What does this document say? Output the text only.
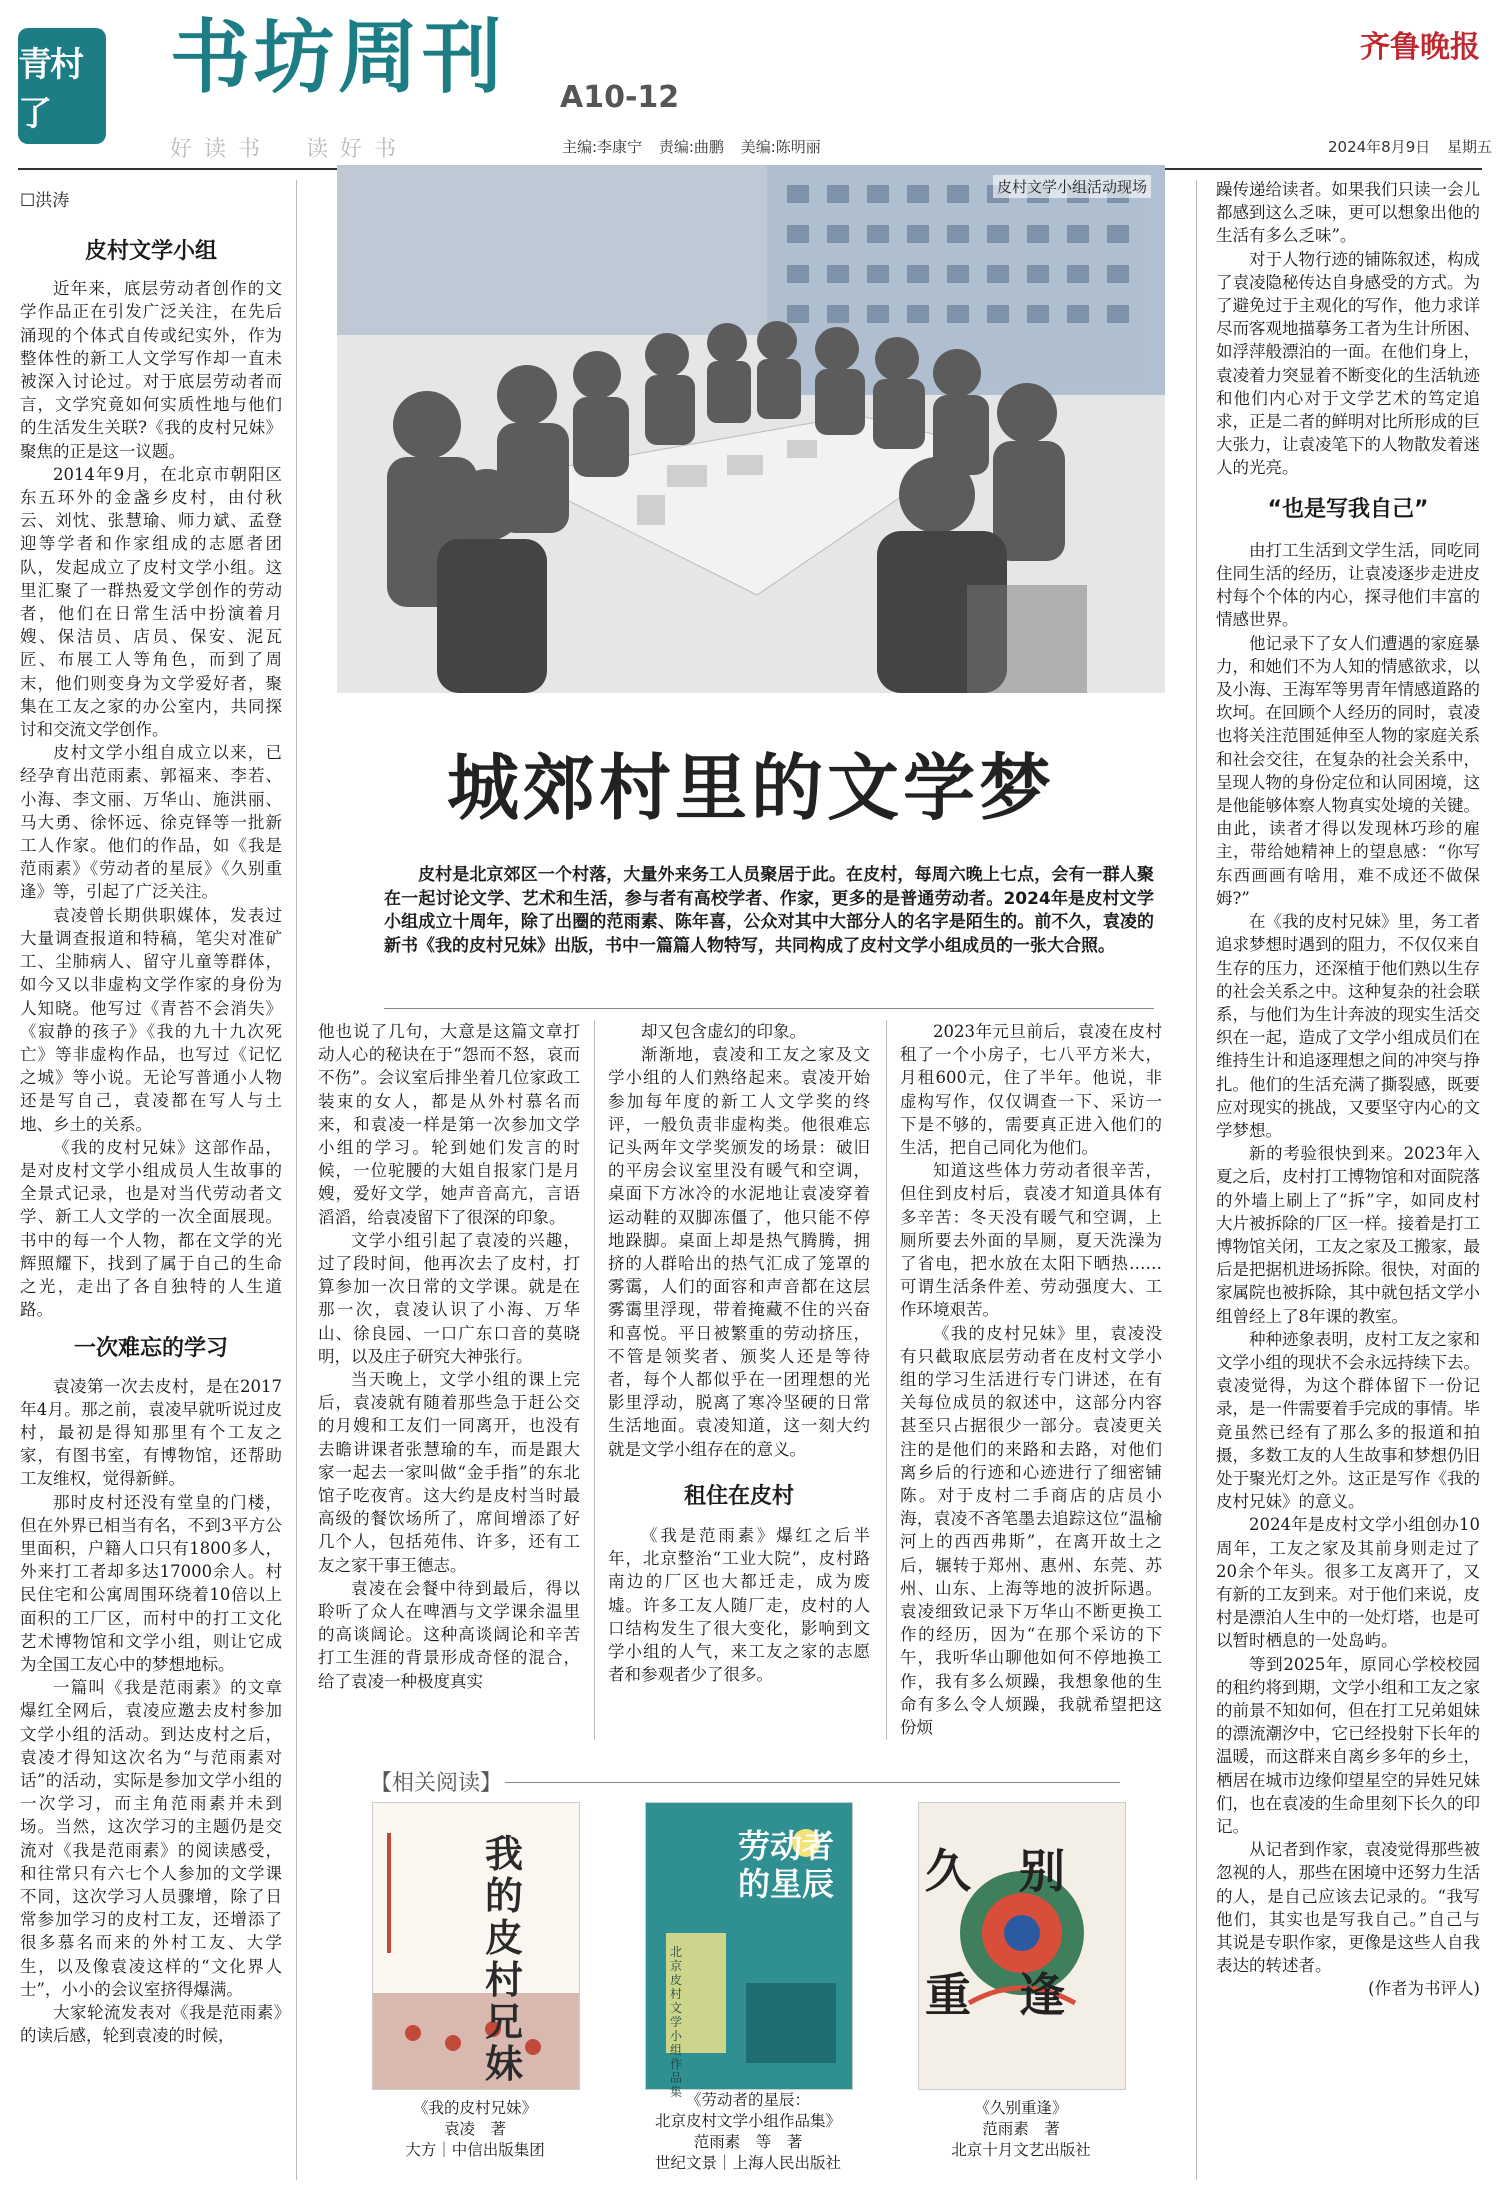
青村了
书坊周刊 A10-12
好读书　读好书	主编:李康宁 责编:曲鹏 美编:陈明丽	2024年8月9日 星期五
齐鲁晚报
☐洪涛
皮村文学小组

近年来，底层劳动者创作的文学作品正在引发广泛关注，在先后涌现的个体式自传或纪实外，作为整体性的新工人文学写作却一直未被深入讨论过。对于底层劳动者而言，文学究竟如何实质性地与他们的生活发生关联?《我的皮村兄妹》聚焦的正是这一议题。

2014年9月，在北京市朝阳区东五环外的金盏乡皮村，由付秋云、刘忱、张慧瑜、师力斌、孟登迎等学者和作家组成的志愿者团队，发起成立了皮村文学小组。这里汇聚了一群热爱文学创作的劳动者，他们在日常生活中扮演着月嫂、保洁员、店员、保安、泥瓦匠、布展工人等角色，而到了周末，他们则变身为文学爱好者，聚集在工友之家的办公室内，共同探讨和交流文学创作。

皮村文学小组自成立以来，已经孕育出范雨素、郭福来、李若、小海、李文丽、万华山、施洪丽、马大勇、徐怀远、徐克铎等一批新工人作家。他们的作品，如《我是范雨素》《劳动者的星辰》《久别重逢》等，引起了广泛关注。

袁凌曾长期供职媒体，发表过大量调查报道和特稿，笔尖对准矿工、尘肺病人、留守儿童等群体，如今又以非虚构文学作家的身份为人知晓。他写过《青苔不会消失》《寂静的孩子》《我的九十九次死亡》等非虚构作品，也写过《记忆之城》等小说。无论写普通小人物还是写自己，袁凌都在写人与土地、乡土的关系。

《我的皮村兄妹》这部作品，是对皮村文学小组成员人生故事的全景式记录，也是对当代劳动者文学、新工人文学的一次全面展现。书中的每一个人物，都在文学的光辉照耀下，找到了属于自己的生命之光，走出了各自独特的人生道路。

一次难忘的学习

袁凌第一次去皮村，是在2017年4月。那之前，袁凌早就听说过皮村，最初是得知那里有个工友之家，有图书室，有博物馆，还帮助工友维权，觉得新鲜。

那时皮村还没有堂皇的门楼，但在外界已相当有名，不到3平方公里面积，户籍人口只有1800多人，外来打工者却多达17000余人。村民住宅和公寓周围环绕着10倍以上面积的工厂区，而村中的打工文化艺术博物馆和文学小组，则让它成为全国工友心中的梦想地标。

一篇叫《我是范雨素》的文章爆红全网后，袁凌应邀去皮村参加文学小组的活动。到达皮村之后，袁凌才得知这次名为“与范雨素对话”的活动，实际是参加文学小组的一次学习，而主角范雨素并未到场。当然，这次学习的主题仍是交流对《我是范雨素》的阅读感受，和往常只有六七个人参加的文学课不同，这次学习人员骤增，除了日常参加学习的皮村工友，还增添了很多慕名而来的外村工友、大学生，以及像袁凌这样的“文化界人士”，小小的会议室挤得爆满。

大家轮流发表对《我是范雨素》的读后感，轮到袁凌的时候，

皮村文学小组活动现场
城郊村里的文学梦

皮村是北京郊区一个村落，大量外来务工人员聚居于此。在皮村，每周六晚上七点，会有一群人聚在一起讨论文学、艺术和生活，参与者有高校学者、作家，更多的是普通劳动者。2024年是皮村文学小组成立十周年，除了出圈的范雨素、陈年喜，公众对其中大部分人的名字是陌生的。前不久，袁凌的新书《我的皮村兄妹》出版，书中一篇篇人物特写，共同构成了皮村文学小组成员的一张大合照。

他也说了几句，大意是这篇文章打动人心的秘诀在于“怨而不怒，哀而不伤”。会议室后排坐着几位家政工装束的女人，都是从外村慕名而来，和袁凌一样是第一次参加文学小组的学习。轮到她们发言的时候，一位驼腰的大姐自报家门是月嫂，爱好文学，她声音高亢，言语滔滔，给袁凌留下了很深的印象。

文学小组引起了袁凌的兴趣，过了段时间，他再次去了皮村，打算参加一次日常的文学课。就是在那一次，袁凌认识了小海、万华山、徐良园、一口广东口音的莫晓明，以及庄子研究大神张行。

当天晚上，文学小组的课上完后，袁凌就有随着那些急于赶公交的月嫂和工友们一同离开，也没有去瞻讲课者张慧瑜的车，而是跟大家一起去一家叫做“金手指”的东北馆子吃夜宵。这大约是皮村当时最高级的餐饮场所了，席间增添了好几个人，包括苑伟、许多，还有工友之家干事王德志。

袁凌在会餐中待到最后，得以聆听了众人在啤酒与文学课余温里的高谈阔论。这种高谈阔论和辛苦打工生涯的背景形成奇怪的混合，给了袁凌一种极度真实

却又包含虚幻的印象。

渐渐地，袁凌和工友之家及文学小组的人们熟络起来。袁凌开始参加每年度的新工人文学奖的终评，一般负责非虚构类。他很难忘记头两年文学奖颁发的场景：破旧的平房会议室里没有暖气和空调，桌面下方冰冷的水泥地让袁凌穿着运动鞋的双脚冻僵了，他只能不停地跺脚。桌面上却是热气腾腾，拥挤的人群哈出的热气汇成了笼罩的雾霭，人们的面容和声音都在这层雾霭里浮现，带着掩藏不住的兴奋和喜悦。平日被繁重的劳动挤压，不管是领奖者、颁奖人还是等待者，每个人都似乎在一团理想的光影里浮动，脱离了寒冷坚硬的日常生活地面。袁凌知道，这一刻大约就是文学小组存在的意义。

租住在皮村

《我是范雨素》爆红之后半年，北京整治“工业大院”，皮村路南边的厂区也大都迁走，成为废墟。许多工友人随厂走，皮村的人口结构发生了很大变化，影响到文学小组的人气，来工友之家的志愿者和参观者少了很多。

2023年元旦前后，袁凌在皮村租了一个小房子，七八平方米大，月租600元，住了半年。他说，非虚构写作，仅仅调查一下、采访一下是不够的，需要真正进入他们的生活，把自己同化为他们。

知道这些体力劳动者很辛苦，但住到皮村后，袁凌才知道具体有多辛苦：冬天没有暖气和空调，上厕所要去外面的旱厕，夏天洗澡为了省电，把水放在太阳下晒热……可谓生活条件差、劳动强度大、工作环境艰苦。

《我的皮村兄妹》里，袁凌没有只截取底层劳动者在皮村文学小组的学习生活进行专门讲述，在有关每位成员的叙述中，这部分内容甚至只占据很少一部分。袁凌更关注的是他们的来路和去路，对他们离乡后的行迹和心迹进行了细密铺陈。对于皮村二手商店的店员小海，袁凌不吝笔墨去追踪这位“温榆河上的西西弗斯”，在离开故土之后，辗转于郑州、惠州、东莞、苏州、山东、上海等地的波折际遇。袁凌细致记录下万华山不断更换工作的经历，因为“在那个采访的下午，我听华山聊他如何不停地换工作，我有多么烦躁，我想象他的生命有多么令人烦躁，我就希望把这份烦

躁传递给读者。如果我们只读一会儿都感到这么乏味，更可以想象出他的生活有多么乏味”。

对于人物行迹的铺陈叙述，构成了袁凌隐秘传达自身感受的方式。为了避免过于主观化的写作，他力求详尽而客观地描摹务工者为生计所困、如浮萍般漂泊的一面。在他们身上，袁凌着力突显着不断变化的生活轨迹和他们内心对于文学艺术的笃定追求，正是二者的鲜明对比所形成的巨大张力，让袁凌笔下的人物散发着迷人的光亮。

“也是写我自己”

由打工生活到文学生活，同吃同住同生活的经历，让袁凌逐步走进皮村每个个体的内心，探寻他们丰富的情感世界。

他记录下了女人们遭遇的家庭暴力，和她们不为人知的情感欲求，以及小海、王海军等男青年情感道路的坎坷。在回顾个人经历的同时，袁凌也将关注范围延伸至人物的家庭关系和社会交往，在复杂的社会关系中，呈现人物的身份定位和认同困境，这是他能够体察人物真实处境的关键。由此，读者才得以发现林巧珍的雇主，带给她精神上的望息感：“你写东西画画有啥用，难不成还不做保姆?”

在《我的皮村兄妹》里，务工者追求梦想时遇到的阻力，不仅仅来自生存的压力，还深植于他们熟以生存的社会关系之中。这种复杂的社会联系，与他们为生计奔波的现实生活交织在一起，造成了文学小组成员们在维持生计和追逐理想之间的冲突与挣扎。他们的生活充满了撕裂感，既要应对现实的挑战，又要坚守内心的文学梦想。

新的考验很快到来。2023年入夏之后，皮村打工博物馆和对面院落的外墙上刷上了“拆”字，如同皮村大片被拆除的厂区一样。接着是打工博物馆关闭，工友之家及工搬家，最后是把据机进场拆除。很快，对面的家属院也被拆除，其中就包括文学小组曾经上了8年课的教室。

种种迹象表明，皮村工友之家和文学小组的现状不会永远持续下去。袁凌觉得，为这个群体留下一份记录，是一件需要着手完成的事情。毕竟虽然已经有了那么多的报道和拍摄，多数工友的人生故事和梦想仍旧处于聚光灯之外。这正是写作《我的皮村兄妹》的意义。

2024年是皮村文学小组创办10周年，工友之家及其前身则走过了20余个年头。很多工友离开了，又有新的工友到来。对于他们来说，皮村是漂泊人生中的一处灯塔，也是可以暂时栖息的一处岛屿。

等到2025年，原同心学校校园的租约将到期，文学小组和工友之家的前景不知如何，但在打工兄弟姐妹的漂流潮汐中，它已经投射下长年的温暖，而这群来自离乡多年的乡土，栖居在城市边缘仰望星空的异姓兄妹们，也在袁凌的生命里刻下长久的印记。

从记者到作家，袁凌觉得那些被忽视的人，那些在困境中还努力生活的人，是自己应该去记录的。“我写他们，其实也是写我自己。”自己与其说是专职作家，更像是这些人自我表达的转述者。

(作者为书评人)

【相关阅读】
我的皮村兄妹
劳动者的星辰
北京皮村文学小组作品集
久别重逢
《我的皮村兄妹》
袁凌　著
大方｜中信出版集团
《劳动者的星辰：
北京皮村文学小组作品集》
范雨素　等　著
世纪文景｜上海人民出版社
《久别重逢》
范雨素　著
北京十月文艺出版社
